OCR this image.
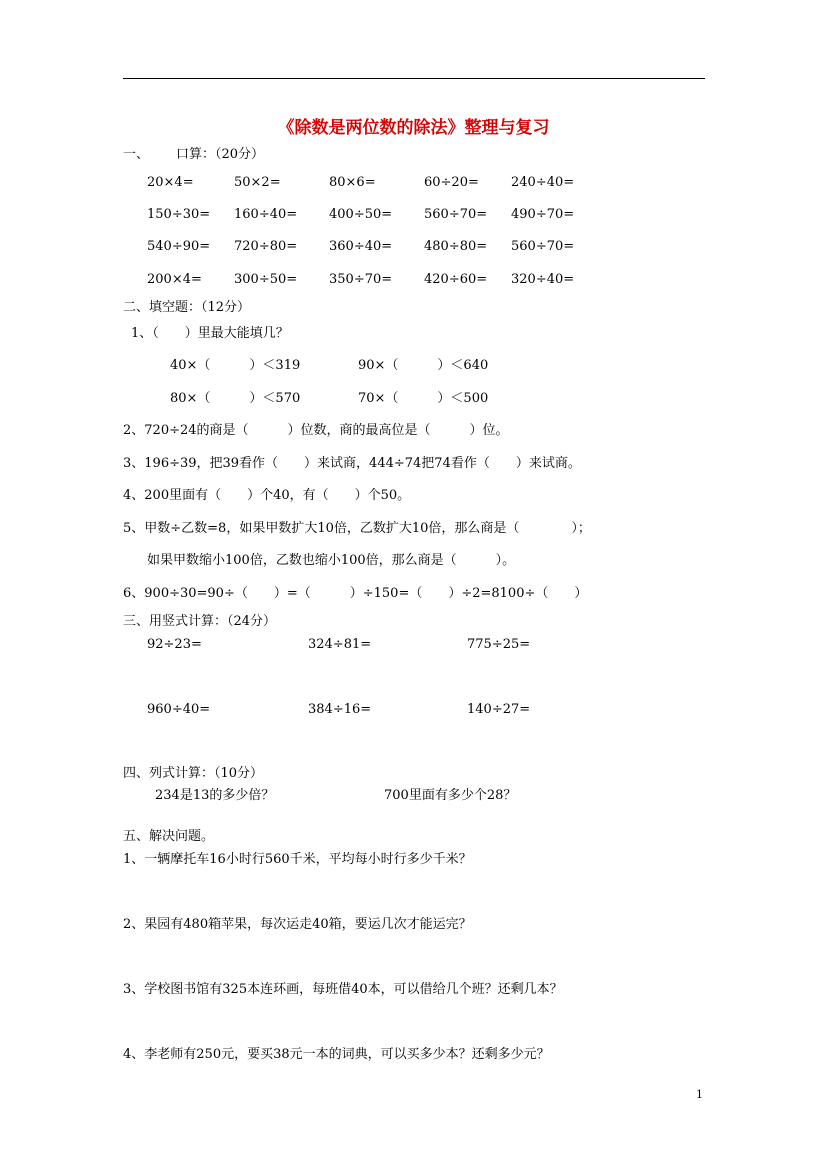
《除数是两位数的除法》整理与复习
一、 口算：（20分）
20×4=	50×2=	80×6=	60÷20= 240÷40=
150÷30= 160÷40= 400÷50= 560÷70= 490÷70=
540÷90= 720÷80= 360÷40= 480÷80= 560÷70=
200×4= 300÷50= 350÷70= 420÷60= 320÷40=
二、填空题：（12分）
1、（　　）里最大能填几？
40×（　　　）＜319	90×（　　　）＜640
80×（　　　）＜570	70×（　　　）＜500
2、720÷24的商是（　　　）位数，商的最高位是（　　　）位。
3、196÷39，把39看作（　　）来试商，444÷74把74看作（　　）来试商。
4、200里面有（　　）个40，有（　　）个50。
5、甲数÷乙数=8，如果甲数扩大10倍，乙数扩大10倍，那么商是（　　　　）；
如果甲数缩小100倍，乙数也缩小100倍，那么商是（　　　）。
6、900÷30=90÷（　　）=（　　　）÷150=（　　）÷2=8100÷（　　）
三、用竖式计算：（24分）
92÷23=	324÷81=	775÷25=
960÷40=	384÷16=	140÷27=
四、列式计算：（10分）
234是13的多少倍？	700里面有多少个28？
五、解决问题。
1、一辆摩托车16小时行560千米，平均每小时行多少千米？
2、果园有480箱苹果，每次运走40箱，要运几次才能运完？
3、学校图书馆有325本连环画，每班借40本，可以借给几个班？还剩几本？
4、李老师有250元，要买38元一本的词典，可以买多少本？还剩多少元？
1
